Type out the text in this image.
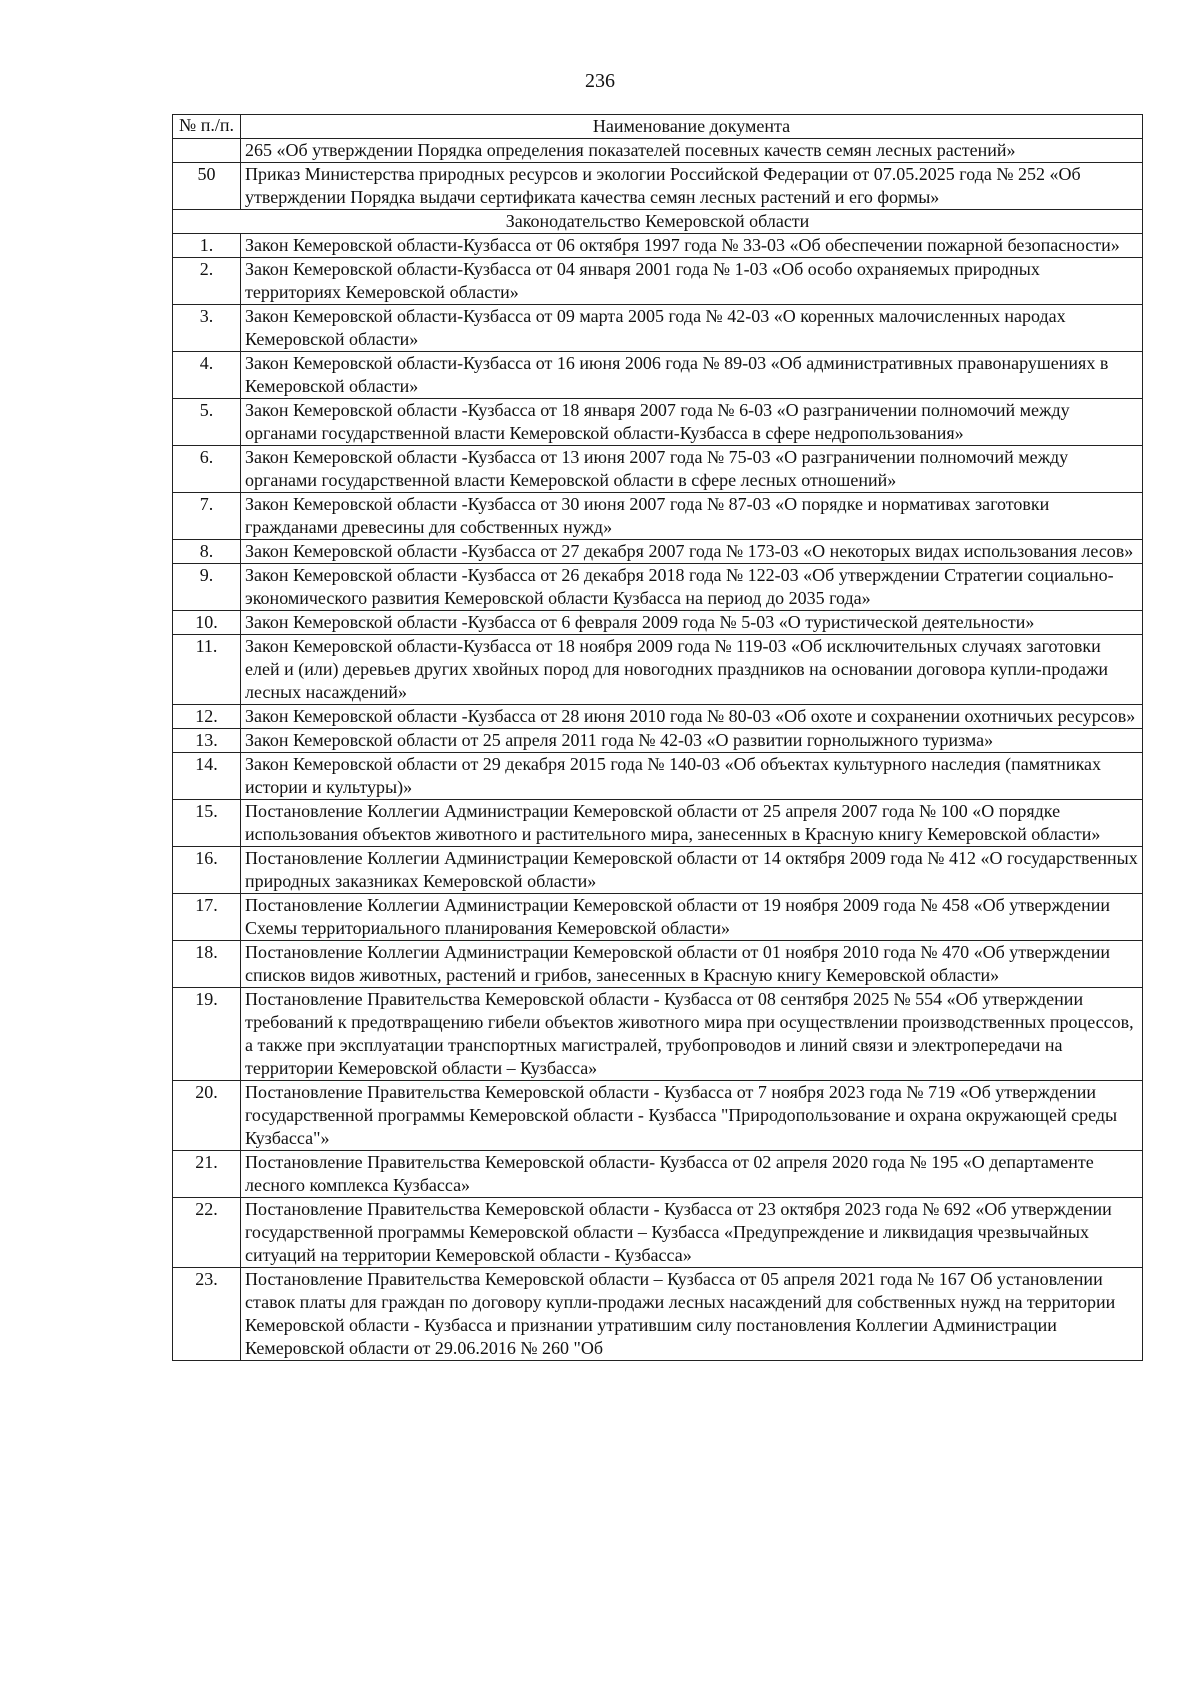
236
№ п./п.	Наименование документа
	265 «Об утверждении Порядка определения показателей посевных качеств семян лесных растений»
50	Приказ Министерства природных ресурсов и экологии Российской Федерации от 07.05.2025 года № 252 «Об утверждении Порядка выдачи сертификата качества семян лесных растений и его формы»
Законодательство Кемеровской области	
1.	Закон Кемеровской области-Кузбасса от 06 октября 1997 года № 33-03 «Об обеспечении пожарной безопасности»
2.	Закон Кемеровской области-Кузбасса от 04 января 2001 года № 1-03 «Об особо охраняемых природных территориях Кемеровской области»
3.	Закон Кемеровской области-Кузбасса от 09 марта 2005 года № 42-03 «О коренных малочисленных народах Кемеровской области»
4.	Закон Кемеровской области-Кузбасса от 16 июня 2006 года № 89-03 «Об административных правонарушениях в Кемеровской области»
5.	Закон Кемеровской области -Кузбасса от 18 января 2007 года № 6-03 «О разграничении полномочий между органами государственной власти Кемеровской области-Кузбасса в сфере недропользования»
6.	Закон Кемеровской области -Кузбасса от 13 июня 2007 года № 75-03 «О разграничении полномочий между органами государственной власти Кемеровской области в сфере лесных отношений»
7.	Закон Кемеровской области -Кузбасса от 30 июня 2007 года № 87-03 «О порядке и нормативах заготовки гражданами древесины для собственных нужд»
8.	Закон Кемеровской области -Кузбасса от 27 декабря 2007 года № 173-03 «О некоторых видах использования лесов»
9.	Закон Кемеровской области -Кузбасса от 26 декабря 2018 года № 122-03 «Об утверждении Стратегии социально-экономического развития Кемеровской области Кузбасса на период до 2035 года»
10.	Закон Кемеровской области -Кузбасса от 6 февраля 2009 года № 5-03 «О туристической деятельности»
11.	Закон Кемеровской области-Кузбасса от 18 ноября 2009 года № 119-03 «Об исключительных случаях заготовки елей и (или) деревьев других хвойных пород для новогодних праздников на основании договора купли-продажи лесных насаждений»
12.	Закон Кемеровской области -Кузбасса от 28 июня 2010 года № 80-03 «Об охоте и сохранении охотничьих ресурсов»
13.	Закон Кемеровской области от 25 апреля 2011 года № 42-03 «О развитии горнолыжного туризма»
14.	Закон Кемеровской области от 29 декабря 2015 года № 140-03 «Об объектах культурного наследия (памятниках истории и культуры)»
15.	Постановление Коллегии Администрации Кемеровской области от 25 апреля 2007 года № 100 «О порядке использования объектов животного и растительного мира, занесенных в Красную книгу Кемеровской области»
16.	Постановление Коллегии Администрации Кемеровской области от 14 октября 2009 года № 412 «О государственных природных заказниках Кемеровской области»
17.	Постановление Коллегии Администрации Кемеровской области от 19 ноября 2009 года № 458 «Об утверждении Схемы территориального планирования Кемеровской области»
18.	Постановление Коллегии Администрации Кемеровской области от 01 ноября 2010 года № 470 «Об утверждении списков видов животных, растений и грибов, занесенных в Красную книгу Кемеровской области»
19.	Постановление Правительства Кемеровской области - Кузбасса от 08 сентября 2025 № 554 «Об утверждении требований к предотвращению гибели объектов животного мира при осуществлении производственных процессов, а также при эксплуатации транспортных магистралей, трубопроводов и линий связи и электропередачи на территории Кемеровской области – Кузбасса»
20.	Постановление Правительства Кемеровской области - Кузбасса от 7 ноября 2023 года № 719 «Об утверждении государственной программы Кемеровской области - Кузбасса "Природопользование и охрана окружающей среды Кузбасса"»
21.	Постановление Правительства Кемеровской области- Кузбасса от 02 апреля 2020 года № 195 «О департаменте лесного комплекса Кузбасса»
22.	Постановление Правительства Кемеровской области - Кузбасса от 23 октября 2023 года № 692 «Об утверждении государственной программы Кемеровской области – Кузбасса «Предупреждение и ликвидация чрезвычайных ситуаций на территории Кемеровской области - Кузбасса»
23.	Постановление Правительства Кемеровской области – Кузбасса от 05 апреля 2021 года № 167 Об установлении ставок платы для граждан по договору купли-продажи лесных насаждений для собственных нужд на территории Кемеровской области - Кузбасса и признании утратившим силу постановления Коллегии Администрации Кемеровской области от 29.06.2016 № 260 "Об
